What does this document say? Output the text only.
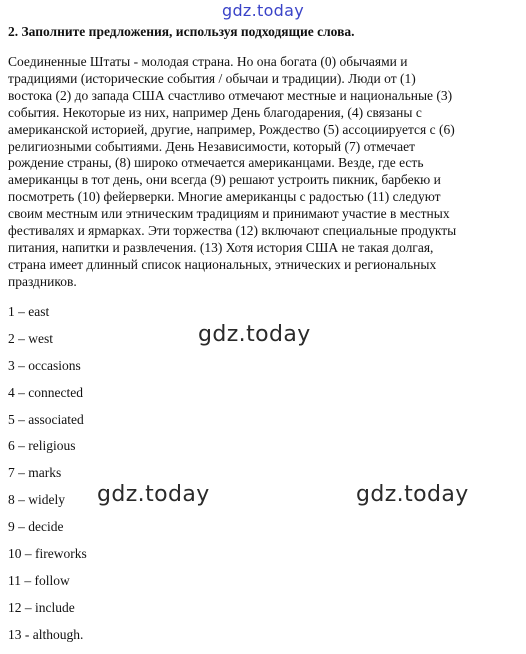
gdz.today
2. Заполните предложения, используя подходящие слова.
Соединенные Штаты - молодая страна. Но она богата (0) обычаями и
традициями (исторические события / обычаи и традиции). Люди от (1)
востока (2) до запада США счастливо отмечают местные и национальные (3)
события. Некоторые из них, например День благодарения, (4) связаны с
американской историей, другие, например, Рождество (5) ассоциируется с (6)
религиозными событиями. День Независимости, который (7) отмечает
рождение страны, (8) широко отмечается американцами. Везде, где есть
американцы в тот день, они всегда (9) решают устроить пикник, барбекю и
посмотреть (10) фейерверки. Многие американцы с радостью (11) следуют
своим местным или этническим традициям и принимают участие в местных
фестивалях и ярмарках. Эти торжества (12) включают специальные продукты
питания, напитки и развлечения. (13) Хотя история США не такая долгая,
страна имеет длинный список национальных, этнических и региональных
праздников.
1 – east
2 – west
3 – occasions
4 – connected
5 – associated
6 – religious
7 – marks
8 – widely
9 – decide
10 – fireworks
11 – follow
12 – include
13 - although.
gdz.today
gdz.today	gdz.today
